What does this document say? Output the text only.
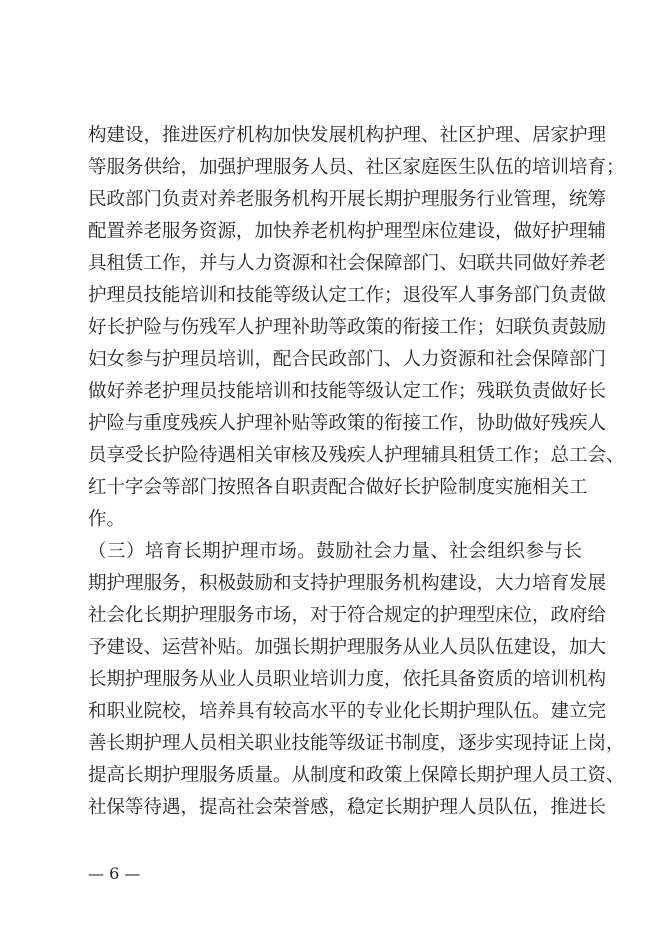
构建设，推进医疗机构加快发展机构护理、社区护理、居家护理
等服务供给，加强护理服务人员、社区家庭医生队伍的培训培育；
民政部门负责对养老服务机构开展长期护理服务行业管理，统筹
配置养老服务资源，加快养老机构护理型床位建设，做好护理辅
具租赁工作，并与人力资源和社会保障部门、妇联共同做好养老
护理员技能培训和技能等级认定工作；退役军人事务部门负责做
好长护险与伤残军人护理补助等政策的衔接工作；妇联负责鼓励
妇女参与护理员培训，配合民政部门、人力资源和社会保障部门
做好养老护理员技能培训和技能等级认定工作；残联负责做好长
护险与重度残疾人护理补贴等政策的衔接工作，协助做好残疾人
员享受长护险待遇相关审核及残疾人护理辅具租赁工作；总工会、
红十字会等部门按照各自职责配合做好长护险制度实施相关工
作。
（三）培育长期护理市场。鼓励社会力量、社会组织参与长
期护理服务，积极鼓励和支持护理服务机构建设，大力培育发展
社会化长期护理服务市场，对于符合规定的护理型床位，政府给
予建设、运营补贴。加强长期护理服务从业人员队伍建设，加大
长期护理服务从业人员职业培训力度，依托具备资质的培训机构
和职业院校，培养具有较高水平的专业化长期护理队伍。建立完
善长期护理人员相关职业技能等级证书制度，逐步实现持证上岗，
提高长期护理服务质量。从制度和政策上保障长期护理人员工资、
社保等待遇，提高社会荣誉感，稳定长期护理人员队伍，推进长
— 6 —
